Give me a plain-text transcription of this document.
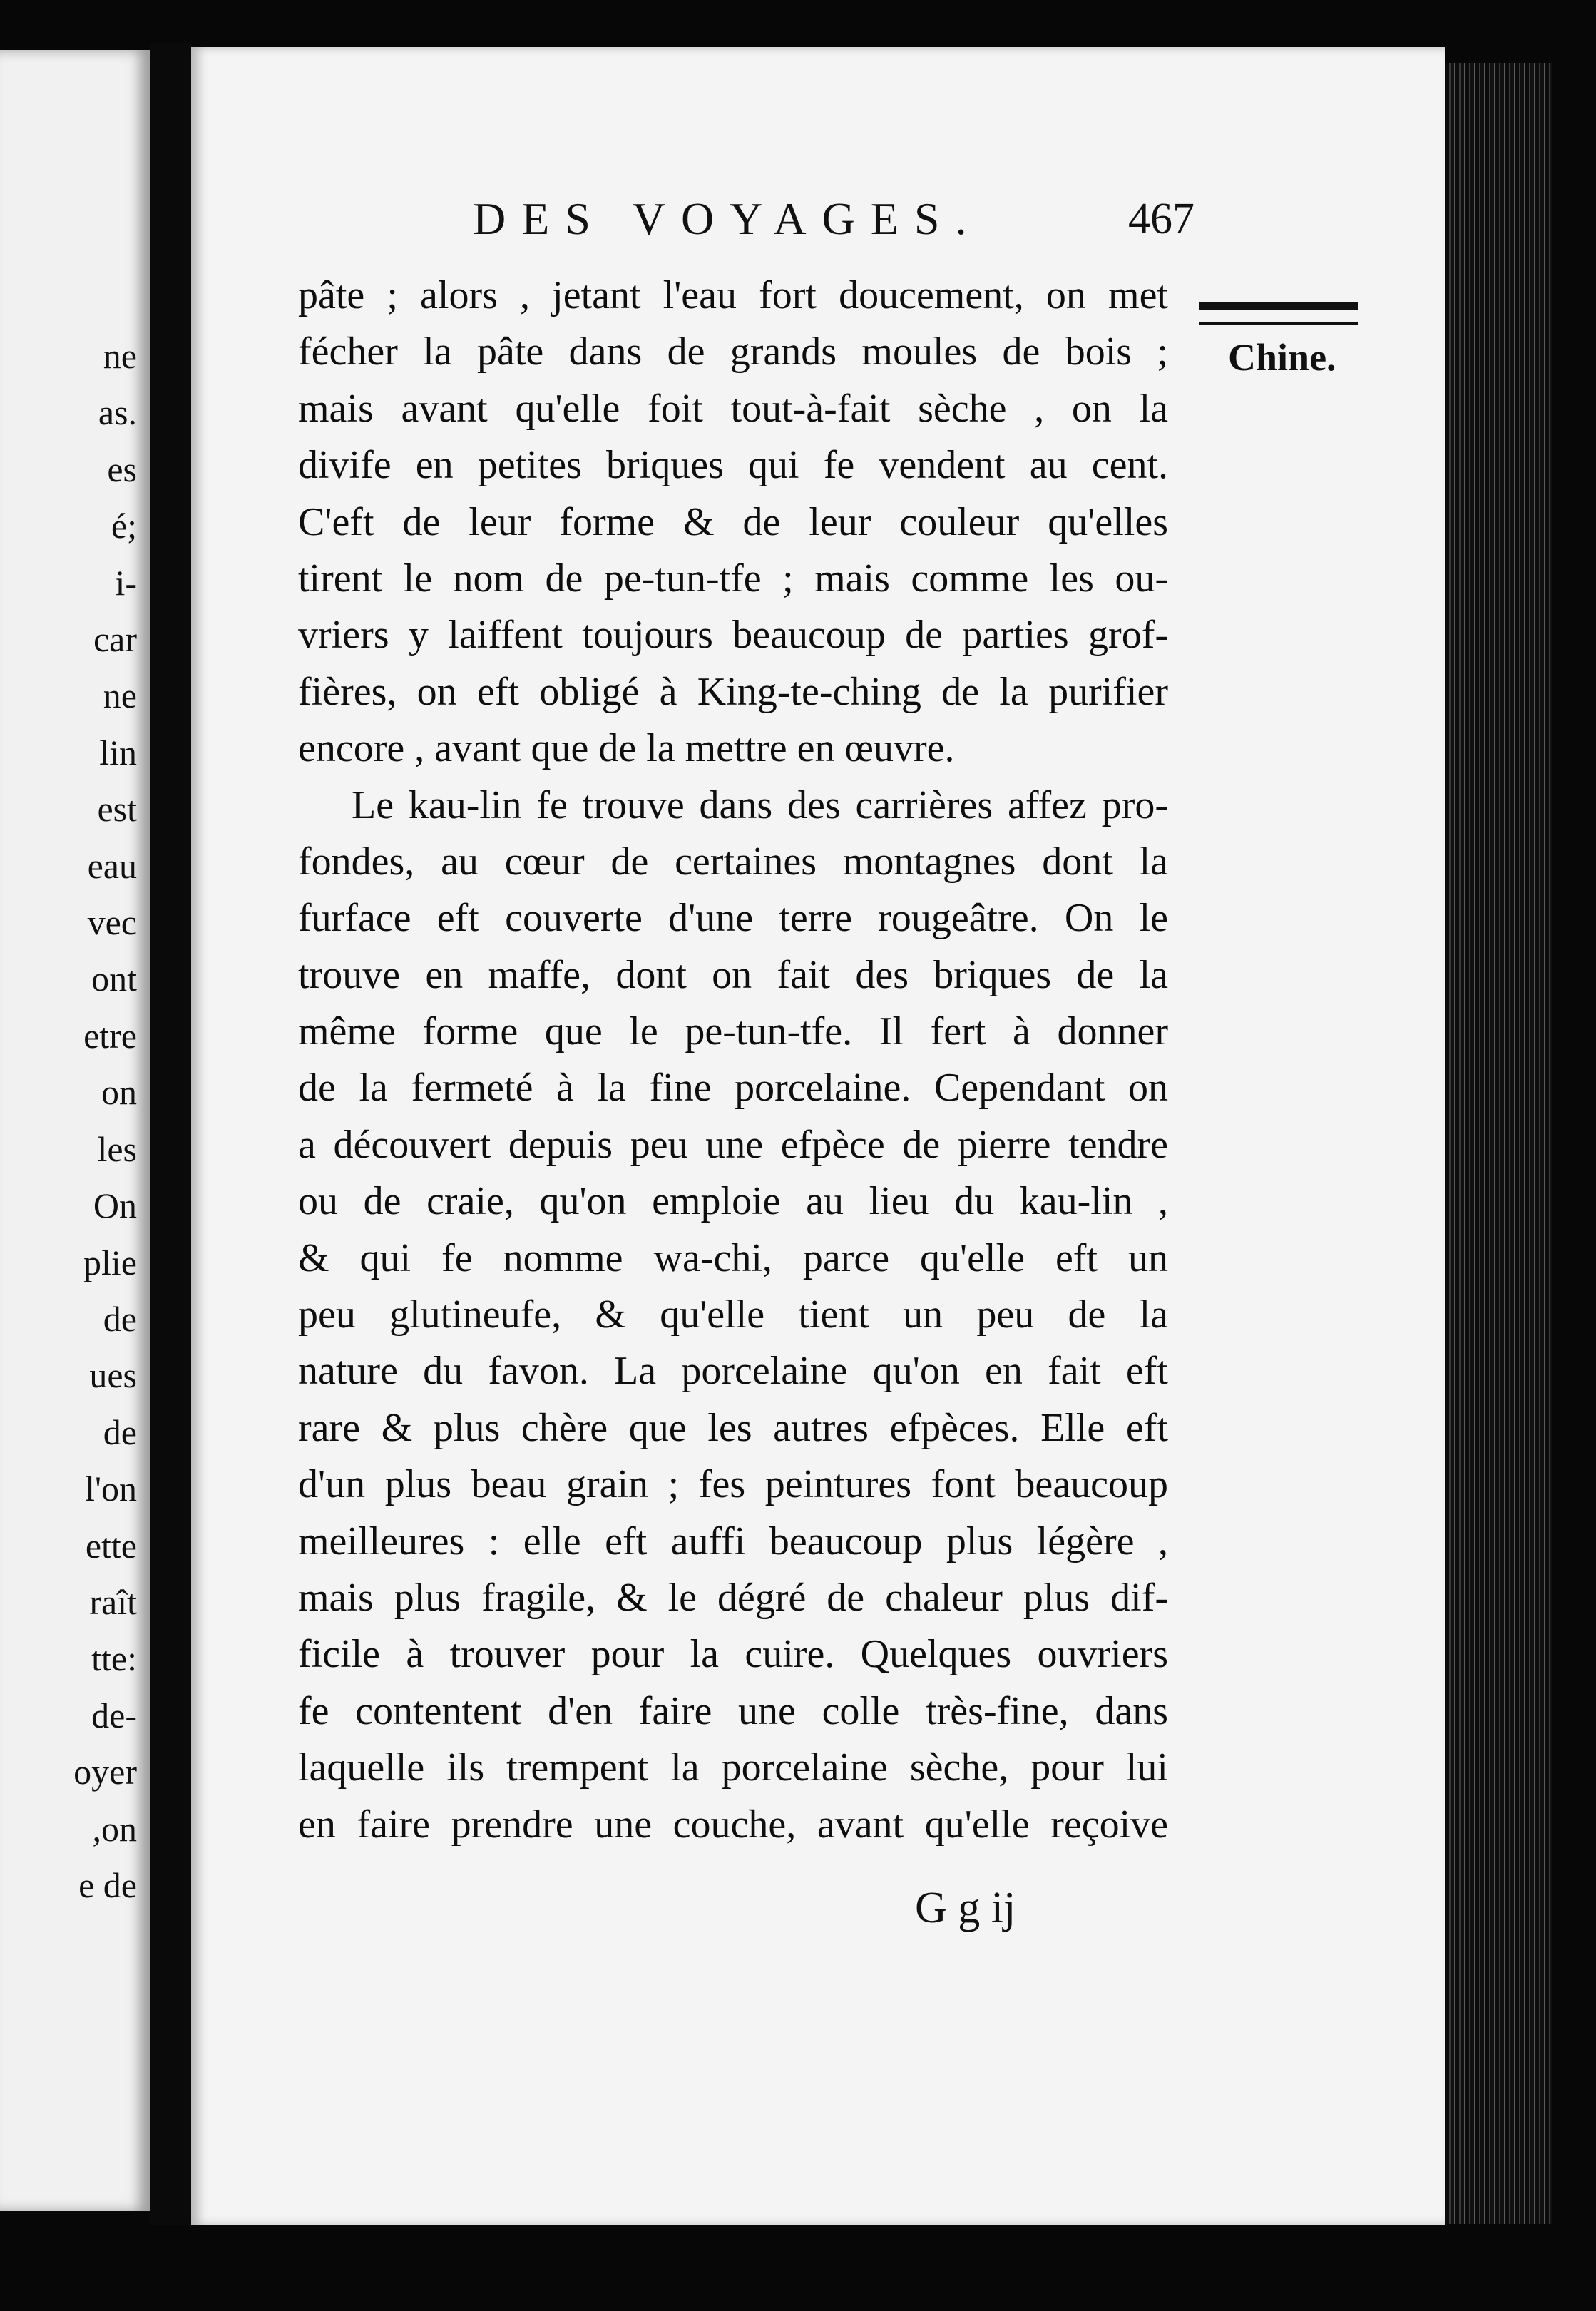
ne
as.
es
é;
i-
car
ne
lin
est
eau
vec
ont
etre
on
les
On
plie
de
ues
de
l'on
ette
raît
tte:
de-
oyer
,on
e de
DES VOYAGES.	467
Chine.
pâte ; alors , jetant l'eau fort doucement, on met
fécher la pâte dans de grands moules de bois ;
mais avant qu'elle foit tout-à-fait sèche , on la
divife en petites briques qui fe vendent au cent.
C'eft de leur forme & de leur couleur qu'elles
tirent le nom de pe-tun-tfe ; mais comme les ou-
vriers y laiffent toujours beaucoup de parties grof-
fières, on eft obligé à King-te-ching de la purifier
encore , avant que de la mettre en œuvre.
Le kau-lin fe trouve dans des carrières affez pro-
fondes, au cœur de certaines montagnes dont la
furface eft couverte d'une terre rougeâtre. On le
trouve en maffe, dont on fait des briques de la
même forme que le pe-tun-tfe. Il fert à donner
de la fermeté à la fine porcelaine. Cependant on
a découvert depuis peu une efpèce de pierre tendre
ou de craie, qu'on emploie au lieu du kau-lin ,
& qui fe nomme wa-chi, parce qu'elle eft un
peu glutineufe, & qu'elle tient un peu de la
nature du favon. La porcelaine qu'on en fait eft
rare & plus chère que les autres efpèces. Elle eft
d'un plus beau grain ; fes peintures font beaucoup
meilleures : elle eft auffi beaucoup plus légère ,
mais plus fragile, & le dégré de chaleur plus dif-
ficile à trouver pour la cuire. Quelques ouvriers
fe contentent d'en faire une colle très-fine, dans
laquelle ils trempent la porcelaine sèche, pour lui
en faire prendre une couche, avant qu'elle reçoive
G g ij
